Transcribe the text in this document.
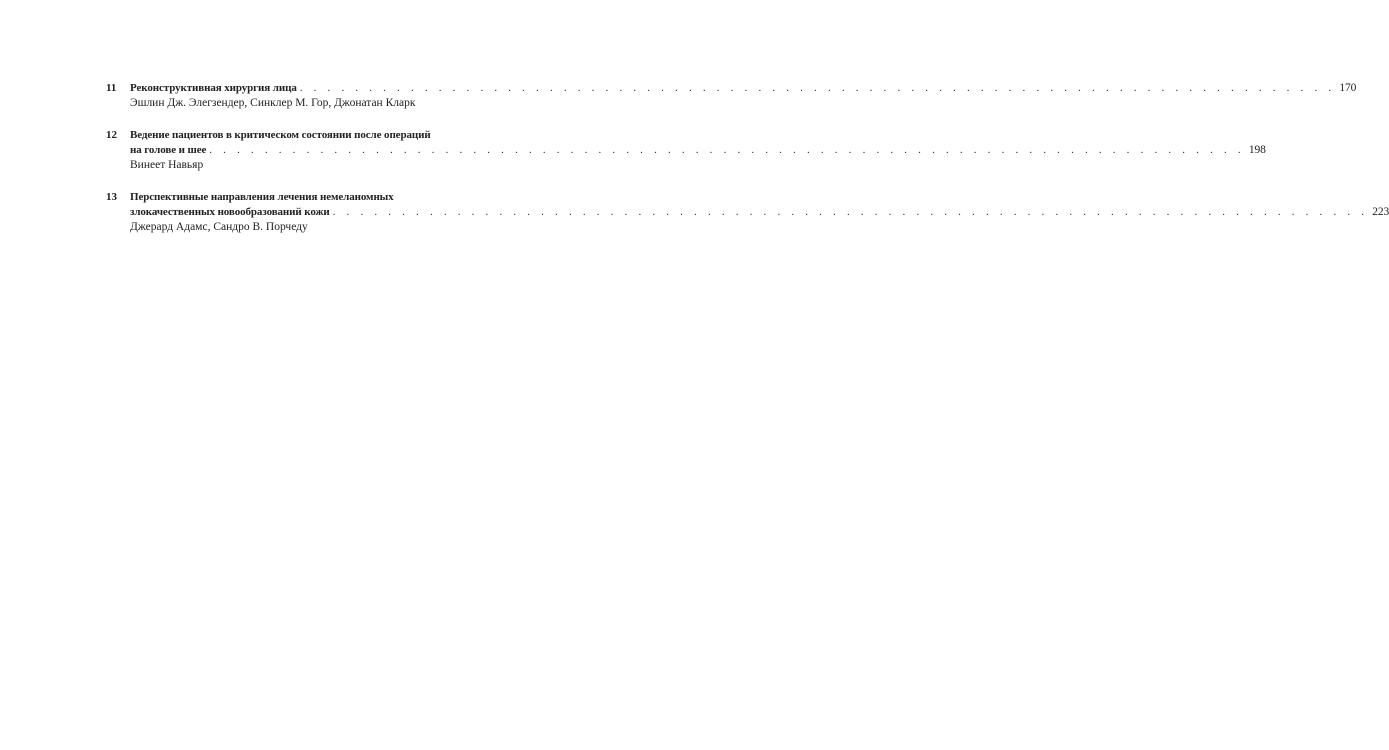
11	Реконструктивная хирургия лица . . . . . . . . . . . . . . . . . . . . . . . . . . . . . . . . . . . . . . . . . . . . . . . . . . . . . . . . . . . . . . . . . . . . . . . . . . . 170
Эшлин Дж. Элегзендер, Синклер М. Гор, Джонатан Кларк
12	Ведение пациентов в критическом состоянии после операций
на голове и шее . . . . . . . . . . . . . . . . . . . . . . . . . . . . . . . . . . . . . . . . . . . . . . . . . . . . . . . . . . . . . . . . . . . . . . . . . . . 198
Винеет Навьяр
13	Перспективные направления лечения немеланомных
злокачественных новообразований кожи . . . . . . . . . . . . . . . . . . . . . . . . . . . . . . . . . . . . . . . . . . . . . . . . . . . . . . . . . . . . . . . . . . . . . . . . . . . 223
Джерард Адамс, Сандро В. Порчеду
